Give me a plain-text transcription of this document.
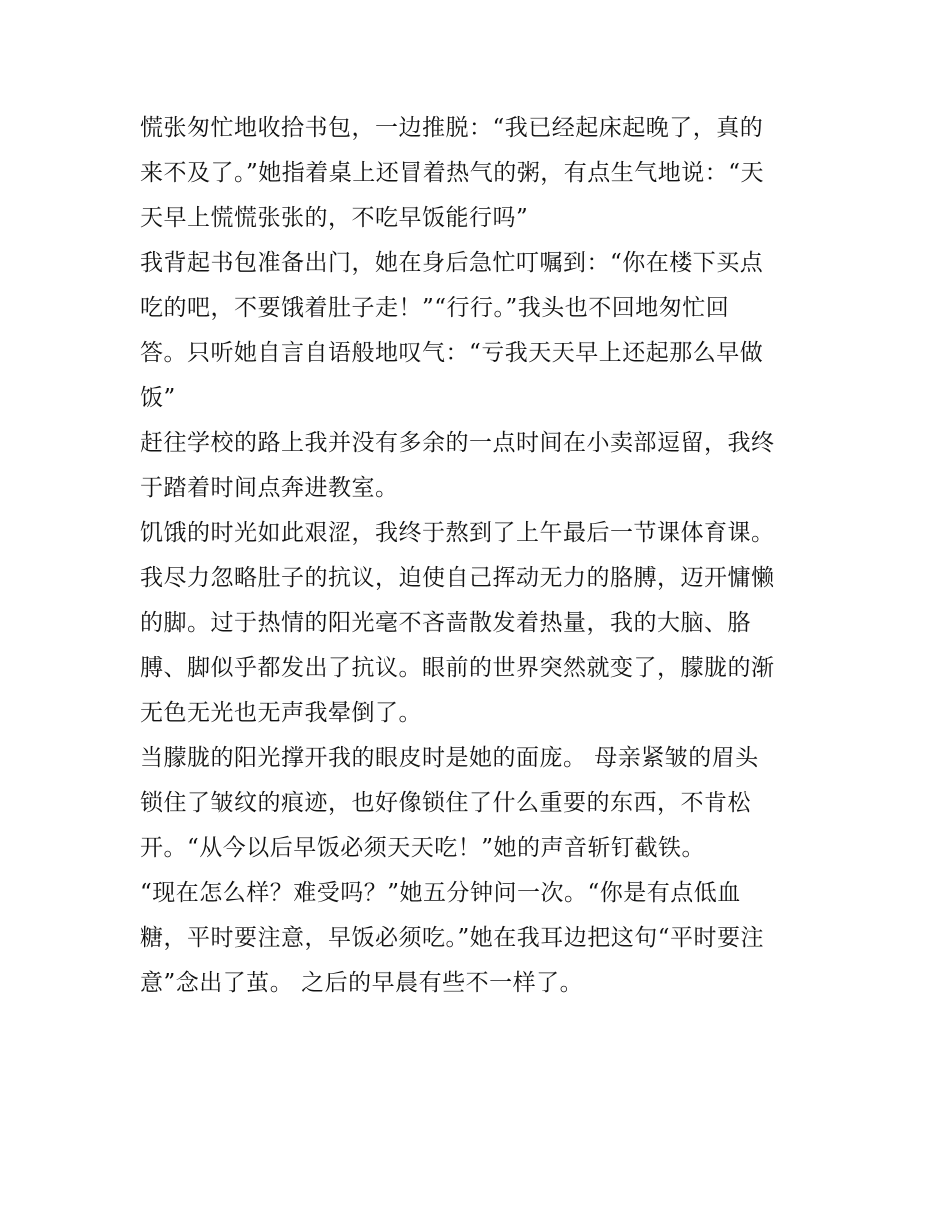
慌张匆忙地收拾书包，一边推脱：“我已经起床起晚了，真的
来不及了。”她指着桌上还冒着热气的粥，有点生气地说：“天
天早上慌慌张张的，不吃早饭能行吗”
我背起书包准备出门，她在身后急忙叮嘱到：“你在楼下买点
吃的吧，不要饿着肚子走！”“行行。”我头也不回地匆忙回
答。只听她自言自语般地叹气：“亏我天天早上还起那么早做
饭”
赶往学校的路上我并没有多余的一点时间在小卖部逗留，我终
于踏着时间点奔进教室。
饥饿的时光如此艰涩，我终于熬到了上午最后一节课体育课。
我尽力忽略肚子的抗议，迫使自己挥动无力的胳膊，迈开慵懒
的脚。过于热情的阳光毫不吝啬散发着热量，我的大脑、胳
膊、脚似乎都发出了抗议。眼前的世界突然就变了，朦胧的渐
无色无光也无声我晕倒了。
当朦胧的阳光撑开我的眼皮时是她的面庞。 母亲紧皱的眉头
锁住了皱纹的痕迹，也好像锁住了什么重要的东西，不肯松
开。“从今以后早饭必须天天吃！”她的声音斩钉截铁。
“现在怎么样？难受吗？”她五分钟问一次。“你是有点低血
糖，平时要注意，早饭必须吃。”她在我耳边把这句“平时要注
意”念出了茧。 之后的早晨有些不一样了。
